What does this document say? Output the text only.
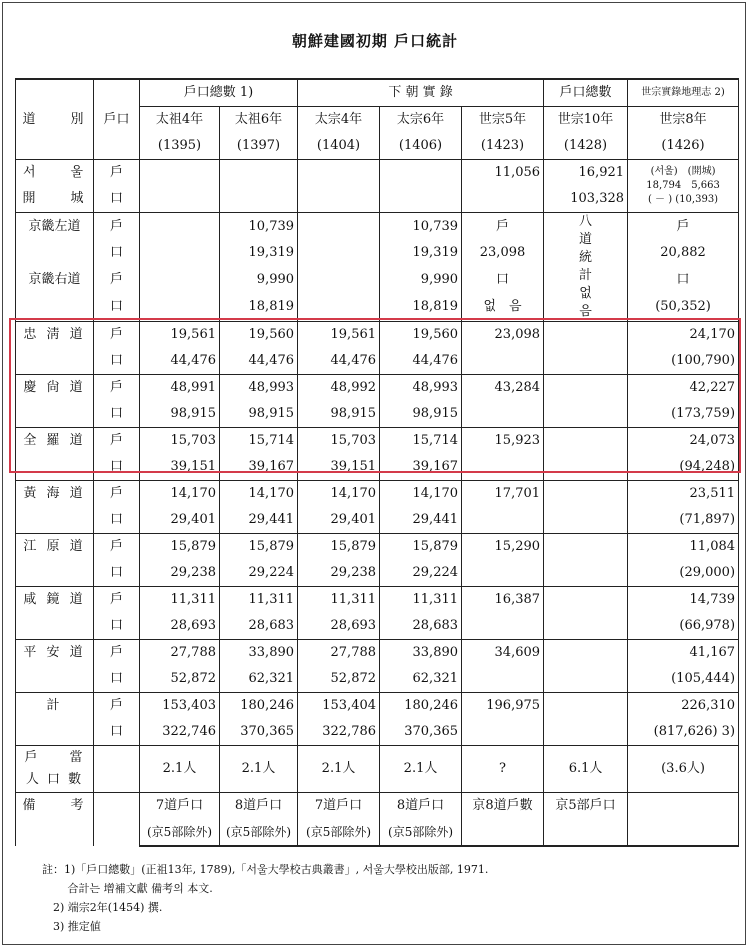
朝鮮建國初期 戶口統計
道　　別	戶口	戶口總數 1)		下 朝 實 錄			戶口總數	世宗實錄地理志 2)
		太祖4年	太祖6年	太宗4年	太宗6年	世宗5年	世宗10年	世宗8年
		(1395)	(1397)	(1404)	(1406)	(1423)	(1428)	(1426)
서　　울	戶					11,056	16,921	(서울)　(開城)
18,794　5,663
( － ) (10,393)

開　　城	口						103,328	
京畿左道	戶		10,739		10,739	戶	八道統計없음	戶
	口		19,319		19,319	23,098		20,882
京畿右道	戶		9,990		9,990	口		口
	口		18,819		18,819	없　음		(50,352)
忠 淸 道	戶	19,561	19,560	19,561	19,560	23,098		24,170
	口	44,476	44,476	44,476	44,476			(100,790)
慶 尙 道	戶	48,991	48,993	48,992	48,993	43,284		42,227
	口	98,915	98,915	98,915	98,915			(173,759)
全 羅 道	戶	15,703	15,714	15,703	15,714	15,923		24,073
	口	39,151	39,167	39,151	39,167			(94,248)
黃 海 道	戶	14,170	14,170	14,170	14,170	17,701		23,511
	口	29,401	29,441	29,401	29,441			(71,897)
江 原 道	戶	15,879	15,879	15,879	15,879	15,290		11,084
	口	29,238	29,224	29,238	29,224			(29,000)
咸 鏡 道	戶	11,311	11,311	11,311	11,311	16,387		14,739
	口	28,693	28,683	28,693	28,683			(66,978)
平 安 道	戶	27,788	33,890	27,788	33,890	34,609		41,167
	口	52,872	62,321	52,872	62,321			(105,444)
計	戶	153,403	180,246	153,404	180,246	196,975		226,310
	口	322,746	370,365	322,786	370,365			(817,626) 3)

戶　　當
人 口 數		2.1人	2.1人	2.1人	2.1人	?	6.1人	(3.6人)

備　　考		7道戶口	8道戶口	7道戶口	8道戶口	京8道戶數	京5部戶口	
		(京5部除外)	(京5部除外)	(京5部除外)	(京5部除外)			
註：1)「戶口總數」(正祖13年, 1789),「서울大學校古典叢書」, 서울大學校出版部, 1971.
　　 合計는 增補文獻 備考의 本文.
　2) 端宗2年(1454) 撰.
　3) 推定値
